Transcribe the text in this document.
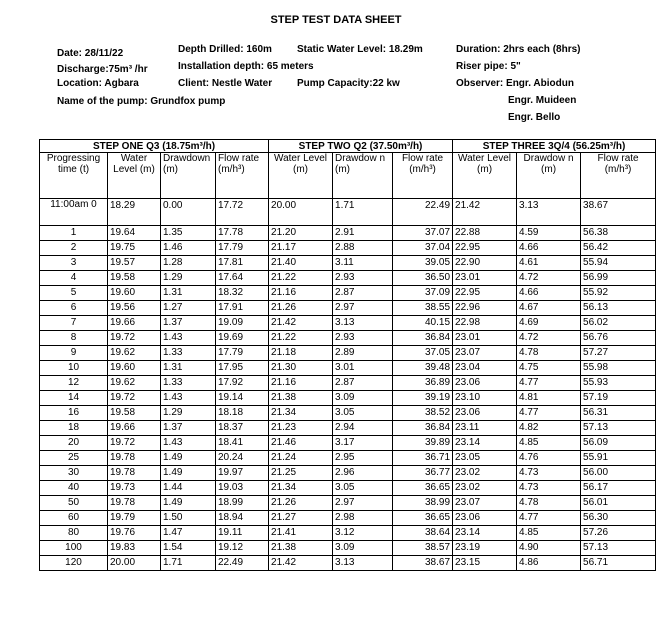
STEP TEST DATA SHEET
Date: 28/11/22
Discharge:75m³ /hr
Location: Agbara
Name of the pump: Grundfox pump
Depth Drilled: 160m
Installation depth: 65 meters
Client: Nestle Water
Static Water Level: 18.29m
Pump Capacity:22 kw
Duration: 2hrs each (8hrs)
Riser pipe: 5"
Observer: Engr. Abiodun
Engr. Muideen
Engr. Bello
STEP ONE Q3 (18.75m³/h)				STEP TWO Q2 (37.50m³/h)			STEP THREE 3Q/4 (56.25m³/h)		
Progressing time (t)	Water Level (m)	Drawdown (m)	Flow rate (m/h³)	Water Level (m)	Drawdow n (m)	Flow rate (m/h³)	Water Level (m)	Drawdow n (m)	Flow rate (m/h³)
11:00am 0	18.29	0.00	17.72	20.00	1.71	22.49	21.42	3.13	38.67
1	19.64	1.35	17.78	21.20	2.91	37.07	22.88	4.59	56.38
2	19.75	1.46	17.79	21.17	2.88	37.04	22.95	4.66	56.42
3	19.57	1.28	17.81	21.40	3.11	39.05	22.90	4.61	55.94
4	19.58	1.29	17.64	21.22	2.93	36.50	23.01	4.72	56.99
5	19.60	1.31	18.32	21.16	2.87	37.09	22.95	4.66	55.92
6	19.56	1.27	17.91	21.26	2.97	38.55	22.96	4.67	56.13
7	19.66	1.37	19.09	21.42	3.13	40.15	22.98	4.69	56.02
8	19.72	1.43	19.69	21.22	2.93	36.84	23.01	4.72	56.76
9	19.62	1.33	17.79	21.18	2.89	37.05	23.07	4.78	57.27
10	19.60	1.31	17.95	21.30	3.01	39.48	23.04	4.75	55.98
12	19.62	1.33	17.92	21.16	2.87	36.89	23.06	4.77	55.93
14	19.72	1.43	19.14	21.38	3.09	39.19	23.10	4.81	57.19
16	19.58	1.29	18.18	21.34	3.05	38.52	23.06	4.77	56.31
18	19.66	1.37	18.37	21.23	2.94	36.84	23.11	4.82	57.13
20	19.72	1.43	18.41	21.46	3.17	39.89	23.14	4.85	56.09
25	19.78	1.49	20.24	21.24	2.95	36.71	23.05	4.76	55.91
30	19.78	1.49	19.97	21.25	2.96	36.77	23.02	4.73	56.00
40	19.73	1.44	19.03	21.34	3.05	36.65	23.02	4.73	56.17
50	19.78	1.49	18.99	21.26	2.97	38.99	23.07	4.78	56.01
60	19.79	1.50	18.94	21.27	2.98	36.65	23.06	4.77	56.30
80	19.76	1.47	19.11	21.41	3.12	38.64	23.14	4.85	57.26
100	19.83	1.54	19.12	21.38	3.09	38.57	23.19	4.90	57.13
120	20.00	1.71	22.49	21.42	3.13	38.67	23.15	4.86	56.71
